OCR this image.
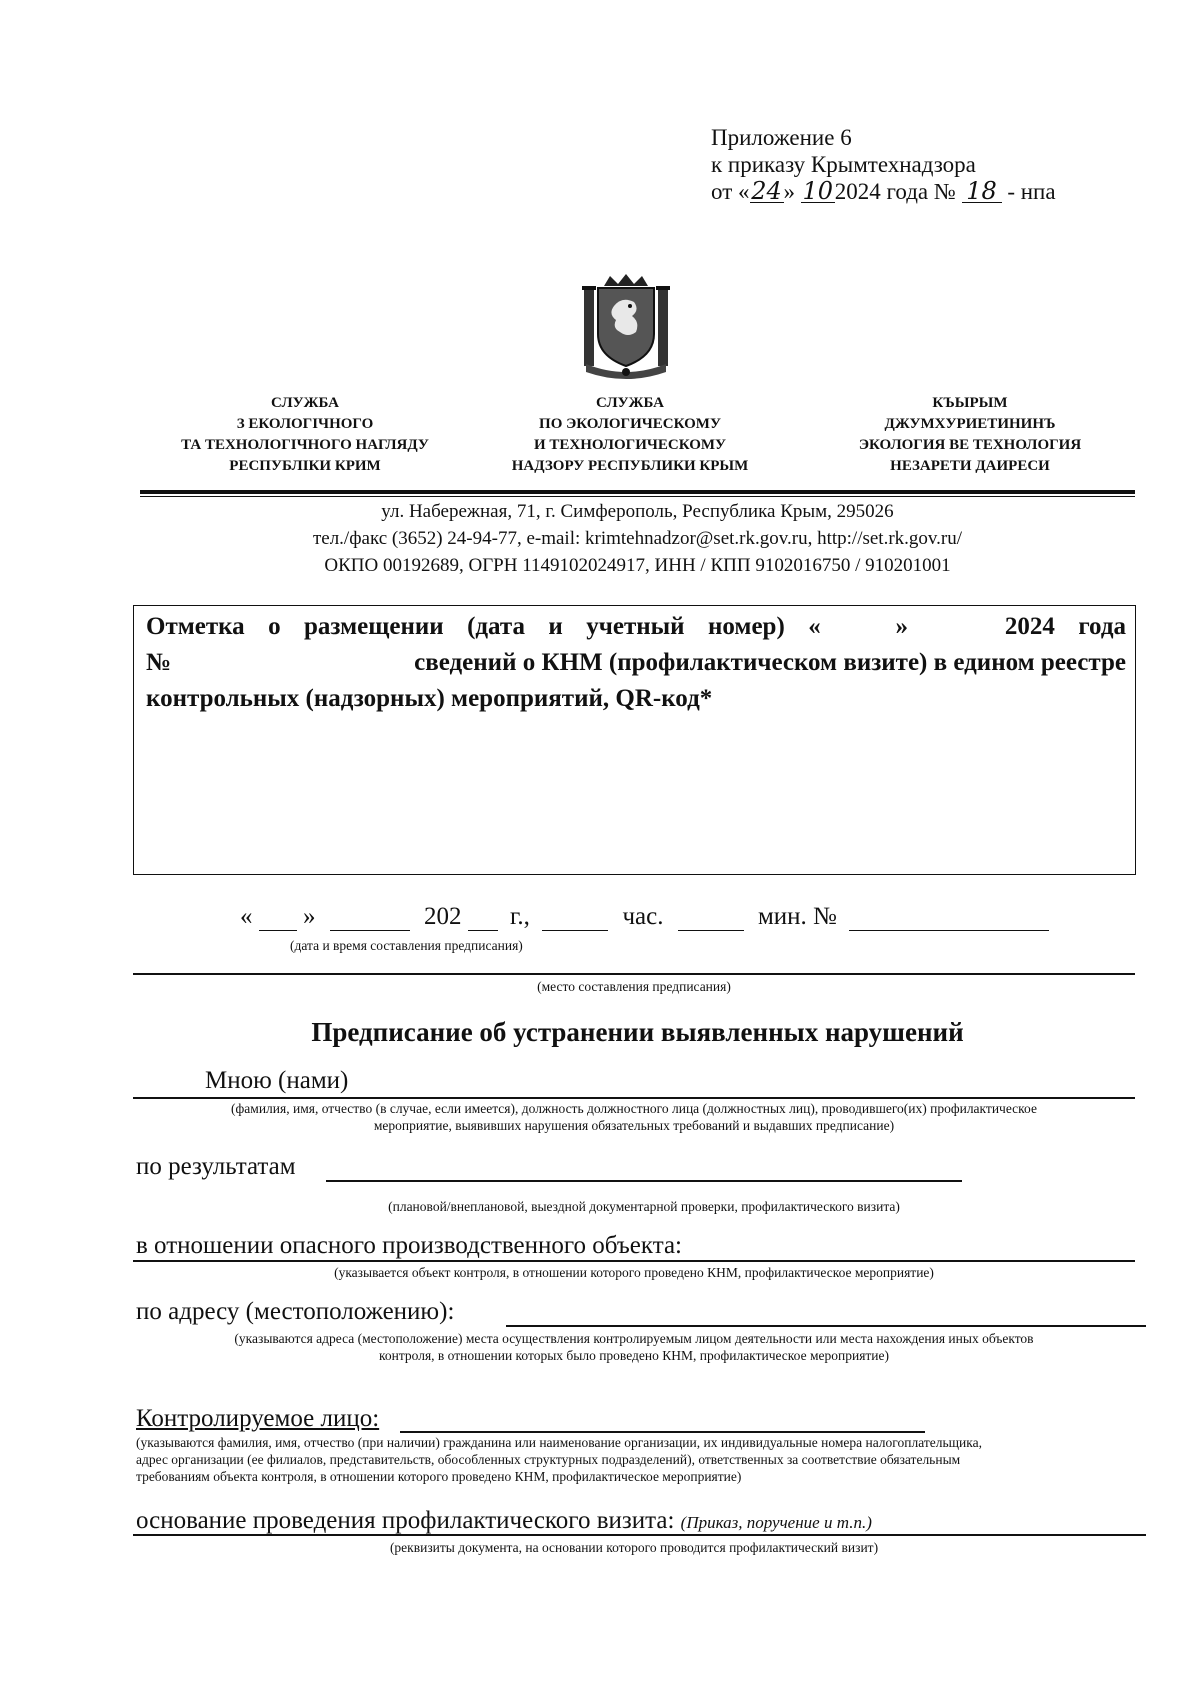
Приложение 6
к приказу Крымтехнадзора
от «24» 102024 года № 18 - нпа
СЛУЖБА
З ЕКОЛОГІЧНОГО
ТА ТЕХНОЛОГІЧНОГО НАГЛЯДУ
РЕСПУБЛІКИ КРИМ
СЛУЖБА
ПО ЭКОЛОГИЧЕСКОМУ
И ТЕХНОЛОГИЧЕСКОМУ
НАДЗОРУ РЕСПУБЛИКИ КРЫМ
КЪЫРЫМ
ДЖУМХУРИЕТИНИНЪ
ЭКОЛОГИЯ ВЕ ТЕХНОЛОГИЯ
НЕЗАРЕТИ ДАИРЕСИ
ул. Набережная, 71, г. Симферополь, Республика Крым, 295026
тел./факс (3652) 24-94-77, e-mail: krimtehnadzor@set.rk.gov.ru, http://set.rk.gov.ru/
ОКПО 00192689, ОГРН 1149102024917, ИНН / КПП 9102016750 / 910201001
Отметка о размещении (дата и учетный номер) «	»	2024 года
№	сведений о КНМ (профилактическом визите) в едином реестре
контрольных (надзорных) мероприятий, QR-код*
« »	202 г.,	час.	мин. №
(дата и время составления предписания)
(место составления предписания)
Предписание об устранении выявленных нарушений
Мною (нами)
(фамилия, имя, отчество (в случае, если имеется), должность должностного лица (должностных лиц), проводившего(их) профилактическое
мероприятие, выявивших нарушения обязательных требований и выдавших предписание)
по результатам
(плановой/внеплановой, выездной документарной проверки, профилактического визита)
в отношении опасного производственного объекта:
(указывается объект контроля, в отношении которого проведено КНМ, профилактическое мероприятие)
по адресу (местоположению):
(указываются адреса (местоположение) места осуществления контролируемым лицом деятельности или места нахождения иных объектов
контроля, в отношении которых было проведено КНМ, профилактическое мероприятие)
Контролируемое лицо:
(указываются фамилия, имя, отчество (при наличии) гражданина или наименование организации, их индивидуальные номера налогоплательщика,
адрес организации (ее филиалов, представительств, обособленных структурных подразделений), ответственных за соответствие обязательным
требованиям объекта контроля, в отношении которого проведено КНМ, профилактическое мероприятие)
основание проведения профилактического визита: (Приказ, поручение и т.п.)
(реквизиты документа, на основании которого проводится профилактический визит)
